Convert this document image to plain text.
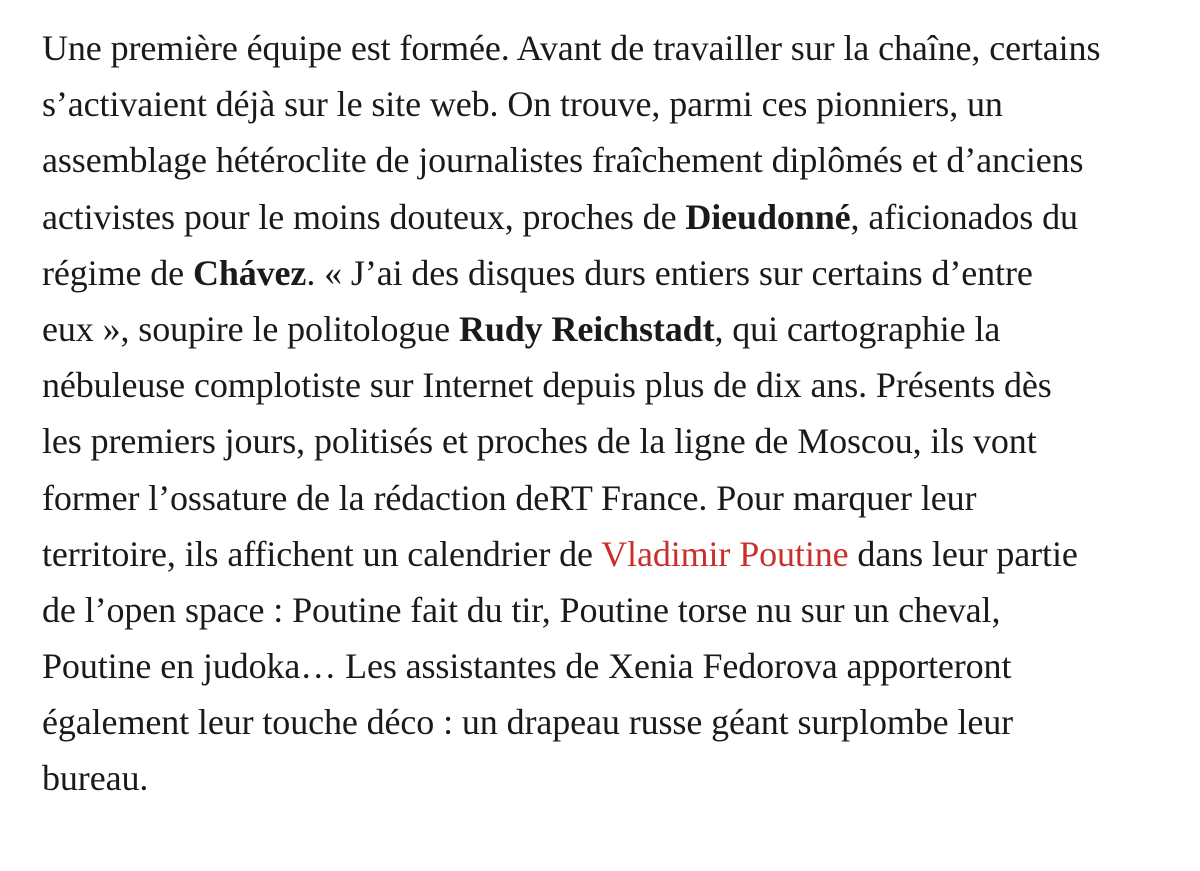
Une première équipe est formée. Avant de travailler sur la chaîne, certains
s’activaient déjà sur le site web. On trouve, parmi ces pionniers, un
assemblage hétéroclite de journalistes fraîchement diplômés et d’anciens
activistes pour le moins douteux, proches de Dieudonné, aficionados du
régime de Chávez. « J’ai des disques durs entiers sur certains d’entre
eux », soupire le politologue Rudy Reichstadt, qui cartographie la
nébuleuse complotiste sur Internet depuis plus de dix ans. Présents dès
les premiers jours, politisés et proches de la ligne de Moscou, ils vont
former l’ossature de la rédaction deRT France. Pour marquer leur
territoire, ils affichent un calendrier de Vladimir Poutine dans leur partie
de l’open space : Poutine fait du tir, Poutine torse nu sur un cheval,
Poutine en judoka… Les assistantes de Xenia Fedorova apporteront
également leur touche déco : un drapeau russe géant surplombe leur
bureau.
